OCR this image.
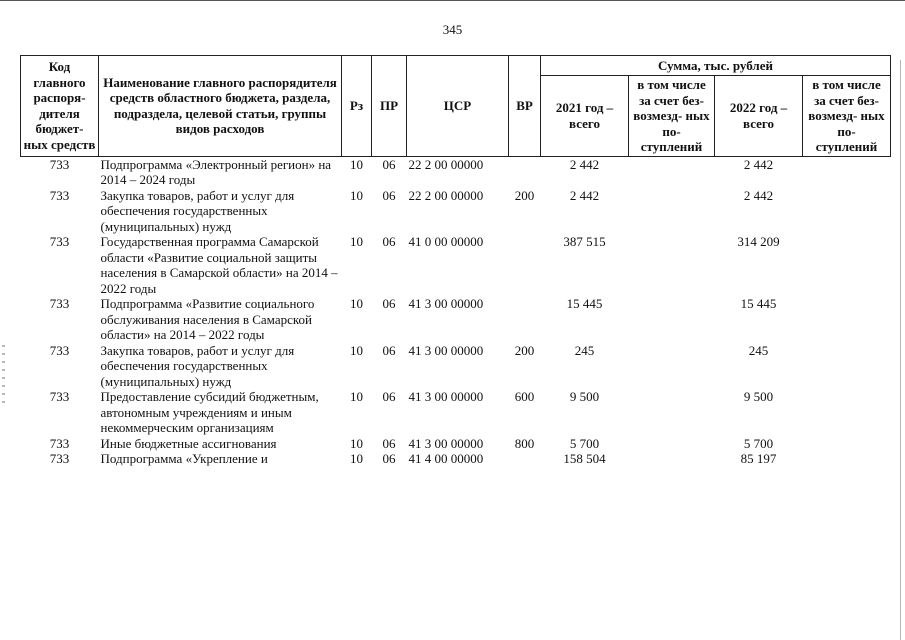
345
Код главного распоря- дителя бюджет- ных средств	Наименование главного распорядителя средств областного бюджета, раздела, подраздела, целевой статьи, группы видов расходов	Рз	ПР	ЦСР	ВР	Сумма, тыс. рублей			
						2021 год – всего	в том числе за счет без- возмезд- ных по- ступлений	2022 год – всего	в том числе за счет без- возмезд- ных по- ступлений
733	Подпрограмма «Электронный регион» на 2014 – 2024 годы	10	06	22 2 00 00000		2 442		2 442	
733	Закупка товаров, работ и услуг для обеспечения государственных (муниципальных) нужд	10	06	22 2 00 00000	200	2 442		2 442	
733	Государственная программа Самарской области «Развитие социальной защиты населения в Самарской области» на 2014 – 2022 годы	10	06	41 0 00 00000		387 515		314 209	
733	Подпрограмма «Развитие социального обслуживания населения в Самарской области» на 2014 – 2022 годы	10	06	41 3 00 00000		15 445		15 445	
733	Закупка товаров, работ и услуг для обеспечения государственных (муниципальных) нужд	10	06	41 3 00 00000	200	245		245	
733	Предоставление субсидий бюджетным, автономным учреждениям и иным некоммерческим организациям	10	06	41 3 00 00000	600	9 500		9 500	
733	Иные бюджетные ассигнования	10	06	41 3 00 00000	800	5 700		5 700	
733	Подпрограмма «Укрепление и	10	06	41 4 00 00000		158 504		85 197	
